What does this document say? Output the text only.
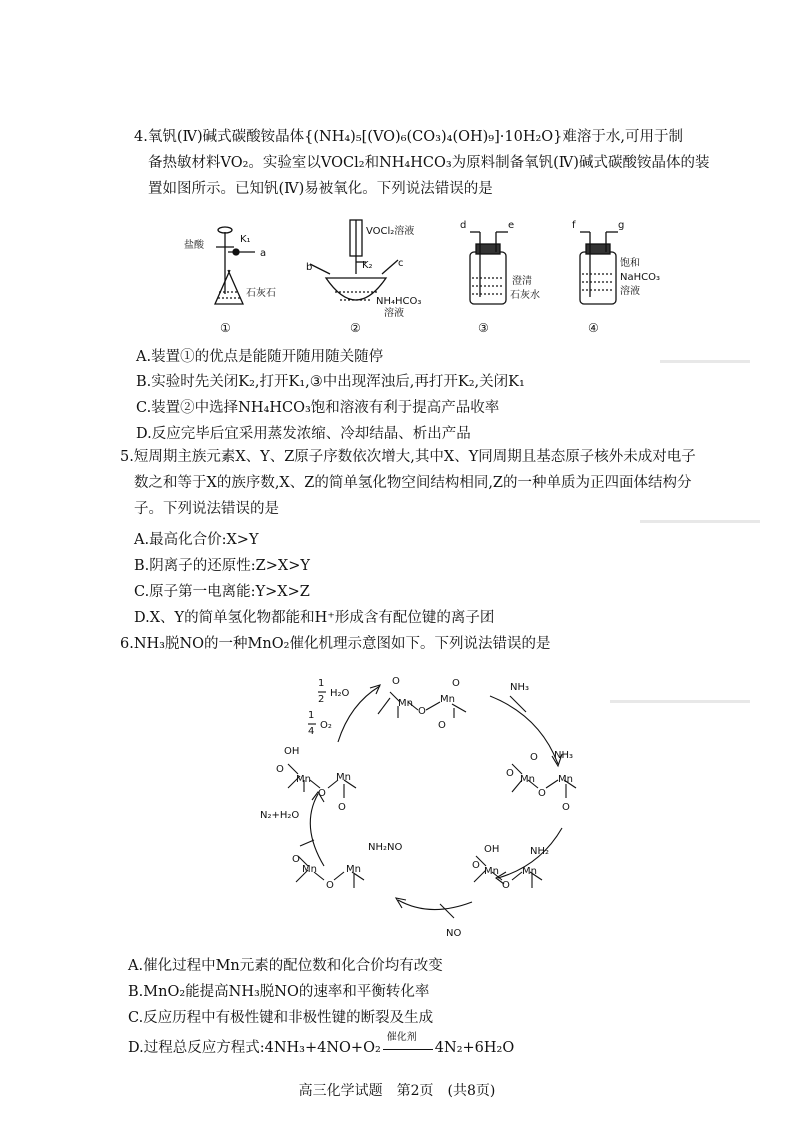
4.氧钒(Ⅳ)碱式碳酸铵晶体{(NH₄)₅[(VO)₆(CO₃)₄(OH)₉]·10H₂O}难溶于水,可用于制
备热敏材料VO₂。实验室以VOCl₂和NH₄HCO₃为原料制备氧钒(Ⅳ)碱式碳酸铵晶体的装
置如图所示。已知钒(Ⅳ)易被氧化。下列说法错误的是
盐酸
K₁
a
石灰石
①
VOCl₂溶液
K₂
b	c
NH₄HCO₃
溶液
②
d	e
澄清
石灰水
③
f	g
饱和
NaHCO₃
溶液
④
A.装置①的优点是能随开随用随关随停
B.实验时先关闭K₂,打开K₁,③中出现浑浊后,再打开K₂,关闭K₁
C.装置②中选择NH₄HCO₃饱和溶液有利于提高产品收率
D.反应完毕后宜采用蒸发浓缩、冷却结晶、析出产品
5.短周期主族元素X、Y、Z原子序数依次增大,其中X、Y同周期且基态原子核外未成对电子
数之和等于X的族序数,X、Z的简单氢化物空间结构相同,Z的一种单质为正四面体结构分
子。下列说法错误的是
A.最高化合价:X>Y
B.阴离子的还原性:Z>X>Y
C.原子第一电离能:Y>X>Z
D.X、Y的简单氢化物都能和H⁺形成含有配位键的离子团
6.NH₃脱NO的一种MnO₂催化机理示意图如下。下列说法错误的是
O
Mn
O
Mn
O
O
NH₃
1
2
H₂O
1
4
O₂
OH
O
Mn
O
Mn
O
O NH₃
O
Mn
O
Mn
O
N₂+H₂O
NH₂NO
O
Mn
O
Mn
OH	NH₂
O
Mn
O
Mn
NO
A.催化过程中Mn元素的配位数和化合价均有改变
B.MnO₂能提高NH₃脱NO的速率和平衡转化率
C.反应历程中有极性键和非极性键的断裂及生成
D.过程总反应方程式:4NH₃+4NO+O₂
催化剂
4N₂+6H₂O
高三化学试题　第2页　(共8页)
